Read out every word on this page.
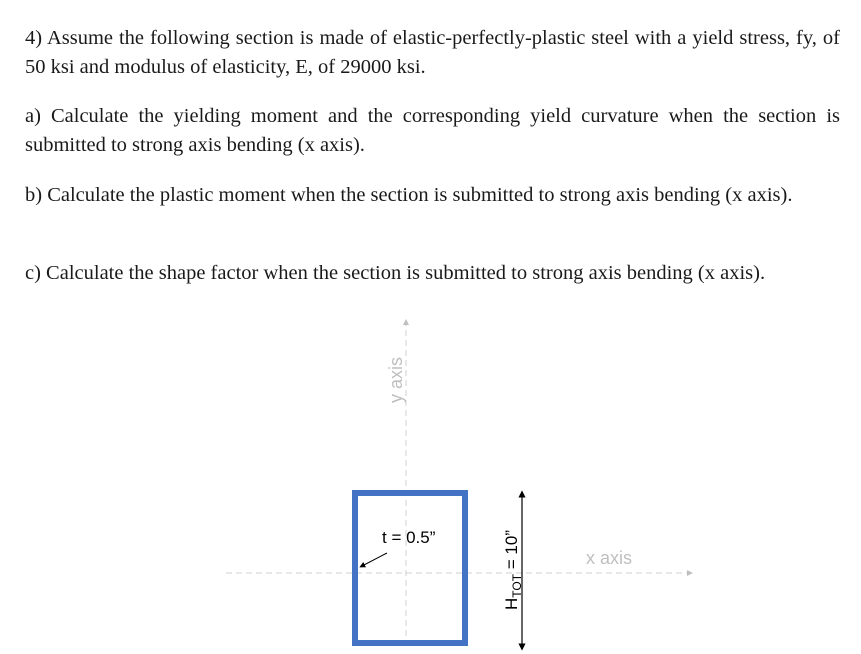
4) Assume the following section is made of elastic-perfectly-plastic steel with a yield stress, fy, of 50 ksi and modulus of elasticity, E, of 29000 ksi.

a) Calculate the yielding moment and the corresponding yield curvature when the section is submitted to strong axis bending (x axis).

b) Calculate the plastic moment when the section is submitted to strong axis bending (x axis).

c) Calculate the shape factor when the section is submitted to strong axis bending (x axis).

y axis
x axis
t = 0.5”
$H_{TOT} = 10$”
